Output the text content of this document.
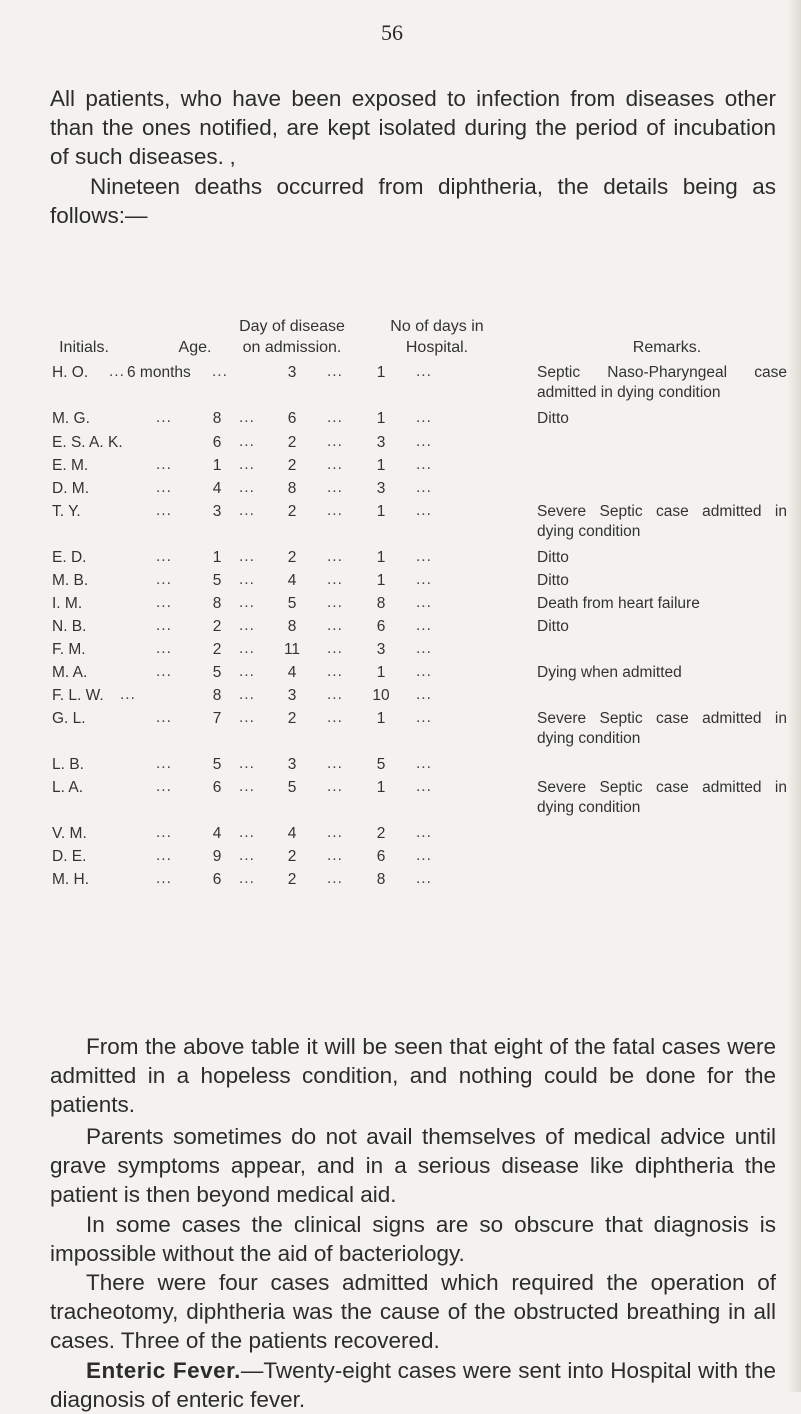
56

All patients, who have been exposed to infection from diseases other than the ones notified, are kept isolated during the period of incubation of such diseases. ‚

Nineteen deaths occurred from diphtheria, the details being as follows:—

Initials.	Age.
Day of disease
on admission.
No of days in
Hospital.	Remarks.
H. O. ... 6 months ...	3	...	1	...	Septic Naso-Pharyngeal case admitted in dying condition
M. G.	...	8	...	6	...	1	...	Ditto
E. S. A. K.	6	...	2	...	3	...
E. M.	...	1	...	2	...	1	...
D. M.	...	4	...	8	...	3	...
T. Y.	...	3	...	2	...	1	...	Severe Septic case admitted in dying condition
E. D.	...	1	...	2	...	1	...	Ditto
M. B.	...	5	...	4	...	1	...	Ditto
I. M.	...	8	...	5	...	8	...	Death from heart failure
N. B.	...	2	...	8	...	6	...	Ditto
F. M.	...	2	... 11 ...	3	...
M. A.	...	5	...	4	...	1	...	Dying when admitted
F. L. W. ...	8	...	3	... 10 ...
G. L.	...	7	...	2	...	1	...	Severe Septic case admitted in dying condition
L. B.	...	5	...	3	...	5	...
L. A.	...	6	...	5	...	1	...	Severe Septic case admitted in dying condition
V. M.	...	4	...	4	...	2	...
D. E.	...	9	...	2	...	6	...
M. H.	...	6	...	2	...	8	...

From the above table it will be seen that eight of the fatal cases were admitted in a hopeless condition, and nothing could be done for the patients.

Parents sometimes do not avail themselves of medical advice until grave symptoms appear, and in a serious disease like diphtheria the patient is then beyond medical aid.

In some cases the clinical signs are so obscure that diagnosis is impossible without the aid of bacteriology.

There were four cases admitted which required the operation of tracheotomy, diphtheria was the cause of the obstructed breathing in all cases. Three of the patients recovered.

Enteric Fever.—Twenty-eight cases were sent into Hospital with the diagnosis of enteric fever.
